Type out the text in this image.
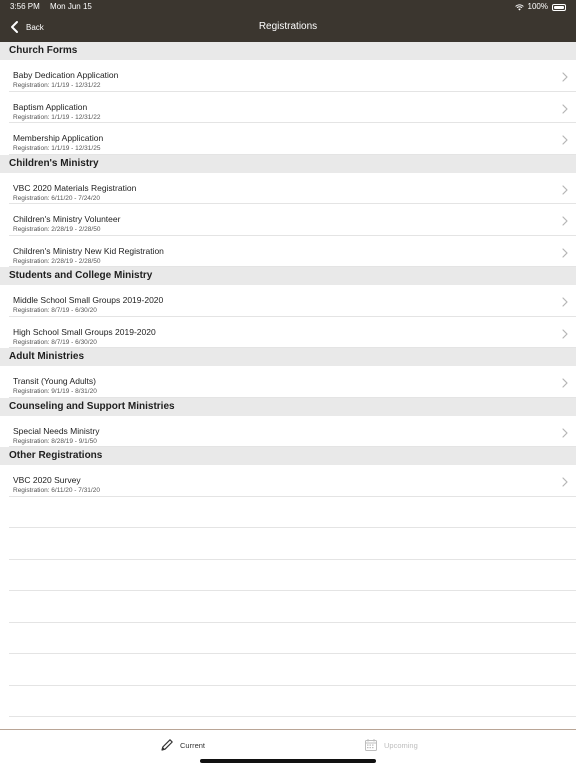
3:56 PM Mon Jun 15	100%
Back	Registrations
Church Forms
Baby Dedication Application
Registration: 1/1/19 - 12/31/22
Baptism Application
Registration: 1/1/19 - 12/31/22
Membership Application
Registration: 1/1/19 - 12/31/25
Children's Ministry
VBC 2020 Materials Registration
Registration: 6/11/20 - 7/24/20
Children's Ministry Volunteer
Registration: 2/28/19 - 2/28/50
Children's Ministry New Kid Registration
Registration: 2/28/19 - 2/28/50
Students and College Ministry
Middle School Small Groups 2019-2020
Registration: 8/7/19 - 6/30/20
High School Small Groups 2019-2020
Registration: 8/7/19 - 6/30/20
Adult Ministries
Transit (Young Adults)
Registration: 9/1/19 - 8/31/20
Counseling and Support Ministries
Special Needs Ministry
Registration: 8/28/19 - 9/1/50
Other Registrations
VBC 2020 Survey
Registration: 6/11/20 - 7/31/20
Current	Upcoming
